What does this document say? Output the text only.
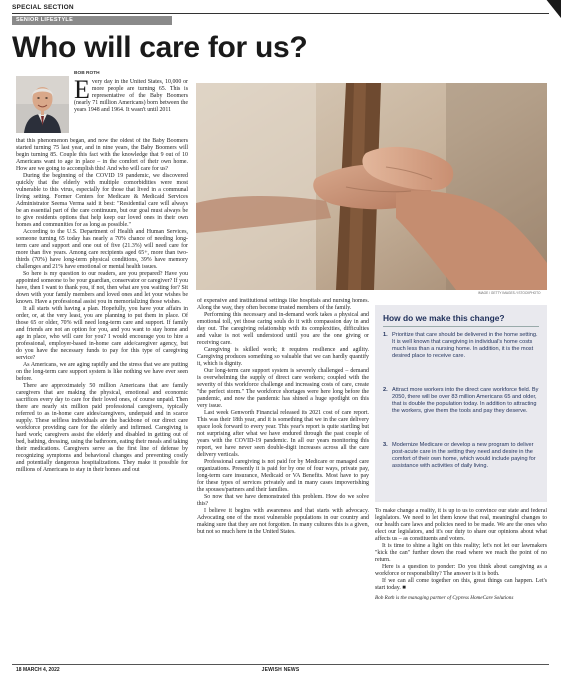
SPECIAL SECTION
SENIOR LIFESTYLE
Who will care for us?
BOB ROTH
Every day in the United States, 10,000 or more people are turning 65. This is representative of the Baby Boomers (nearly 71 million Americans) born between the years 1948 and 1964. It wasn't until 2011

that this phenomenon began, and now the oldest of the Baby Boomers started turning 75 last year, and in nine years, the Baby Boomers will begin turning 85. Couple this fact with the knowledge that 9 out of 10 Americans want to age in place – in the comfort of their own home. How are we going to accomplish this! And who will care for us?

During the beginning of the COVID 19 pandemic, we discovered quickly that the elderly with multiple comorbidities were most vulnerable to this virus, especially for those that lived in a communal living setting. Former Centers for Medicare & Medicaid Services Administrator Seema Verma said it best: "Residential care will always be an essential part of the care continuum, but our goal must always be to give residents options that help keep our loved ones in their own homes and communities for as long as possible."

According to the U.S. Department of Health and Human Services, someone turning 65 today has nearly a 70% chance of needing long-term care and support and one out of five (21.3%) will need care for more than five years. Among care recipients aged 65+, more than two-thirds (70%) have long-term physical conditions, 39% have memory challenges and 21% have emotional or mental health issues.

So here is my question to our readers, are you prepared? Have you appointed someone to be your guardian, conservator or caregiver? If you have, then I want to thank you, if not, then what are you waiting for? Sit down with your family members and loved ones and let your wishes be known. Have a professional assist you in memorializing those wishes.

It all starts with having a plan. Hopefully, you have your affairs in order, or, at the very least, you are planning to put them in place. Of those 65 or older, 70% will need long-term care and support. If family and friends are not an option for you, and you want to stay home and age in place, who will care for you? I would encourage you to hire a professional, employer-based in-home care aide/caregiver agency, but do you have the necessary funds to pay for this type of caregiving service?

As Americans, we are aging rapidly and the stress that we are putting on the long-term care support system is like nothing we have ever seen before.

There are approximately 50 million Americans that are family caregivers that are making the physical, emotional and economic sacrifices every day to care for their loved ones, of course unpaid. Then there are nearly six million paid professional caregivers, typically referred to as in-home care aides/caregivers, underpaid and in scarce supply. These selfless individuals are the backbone of our direct care workforce providing care for the elderly and infirmed. Caregiving is hard work; caregivers assist the elderly and disabled in getting out of bed, bathing, dressing, using the bathroom, eating their meals and taking their medications. Caregivers serve as the first line of defense by recognizing symptoms and behavioral changes and preventing costly and potentially dangerous hospitalizations. They make it possible for millions of Americans to stay in their homes and out

IMAGE / GETTY IMAGES / ISTOCKPHOTO

of expensive and institutional settings like hospitals and nursing homes. Along the way, they often become trusted members of the family.

Performing this necessary and in-demand work takes a physical and emotional toll, yet those caring souls do it with compassion day in and day out. The caregiving relationship with its complexities, difficulties and value is not well understood until you are the one giving or receiving care.

Caregiving is skilled work; it requires resilience and agility. Caregiving produces something so valuable that we can hardly quantify it, which is dignity.

Our long-term care support system is severely challenged – demand is overwhelming the supply of direct care workers; coupled with the severity of this workforce challenge and increasing costs of care, create "the perfect storm." The workforce shortages were here long before the pandemic, and now the pandemic has shined a huge spotlight on this very issue.

Last week Genworth Financial released its 2021 cost of care report. This was their 18th year, and it is something that we in the care delivery space look forward to every year. This year's report is quite startling but not surprising after what we have endured through the past couple of years with the COVID-19 pandemic. In all our years monitoring this report, we have never seen double-digit increases across all the care delivery verticals.

Professional caregiving is not paid for by Medicare or managed care organizations. Presently it is paid for by one of four ways, private pay, long-term care insurance, Medicaid or VA Benefits. Most have to pay for these types of services privately and in many cases impoverishing the spouses/partners and their families.

So now that we have demonstrated this problem. How do we solve this?

I believe it begins with awareness and that starts with advocacy. Advocating one of the most vulnerable populations in our country and making sure that they are not forgotten. In many cultures this is a given, but not so much here in the United States.

How do we make this change?
1. Prioritize that care should be delivered in the home setting. It is well known that caregiving in individual's home costs much less than a nursing home. In addition, it is the most desired place to receive care.
2. Attract more workers into the direct care workforce field. By 2050, there will be over 83 million Americans 65 and older, that is double the population today. In addition to attracting the workers, give them the tools and pay they deserve.
3. Modernize Medicare or develop a new program to deliver post-acute care in the setting they need and desire in the comfort of their own home, which would include paying for assistance with activities of daily living.

To make change a reality, it is up to us to convince our state and federal legislators. We need to let them know that real, meaningful changes to our health care laws and policies need to be made. We are the ones who elect our legislators, and it's our duty to share our opinions about what affects us – as constituents and voters.

It is time to shine a light on this reality; let's not let our lawmakers "kick the can" further down the road where we reach the point of no return.

Here is a question to ponder: Do you think about caregiving as a workforce or responsibility? The answer is it is both.

If we can all come together on this, great things can happen. Let's start today. ■

Bob Roth is the managing partner of Cypress HomeCare Solutions

18 MARCH 4, 2022	JEWISH NEWS
